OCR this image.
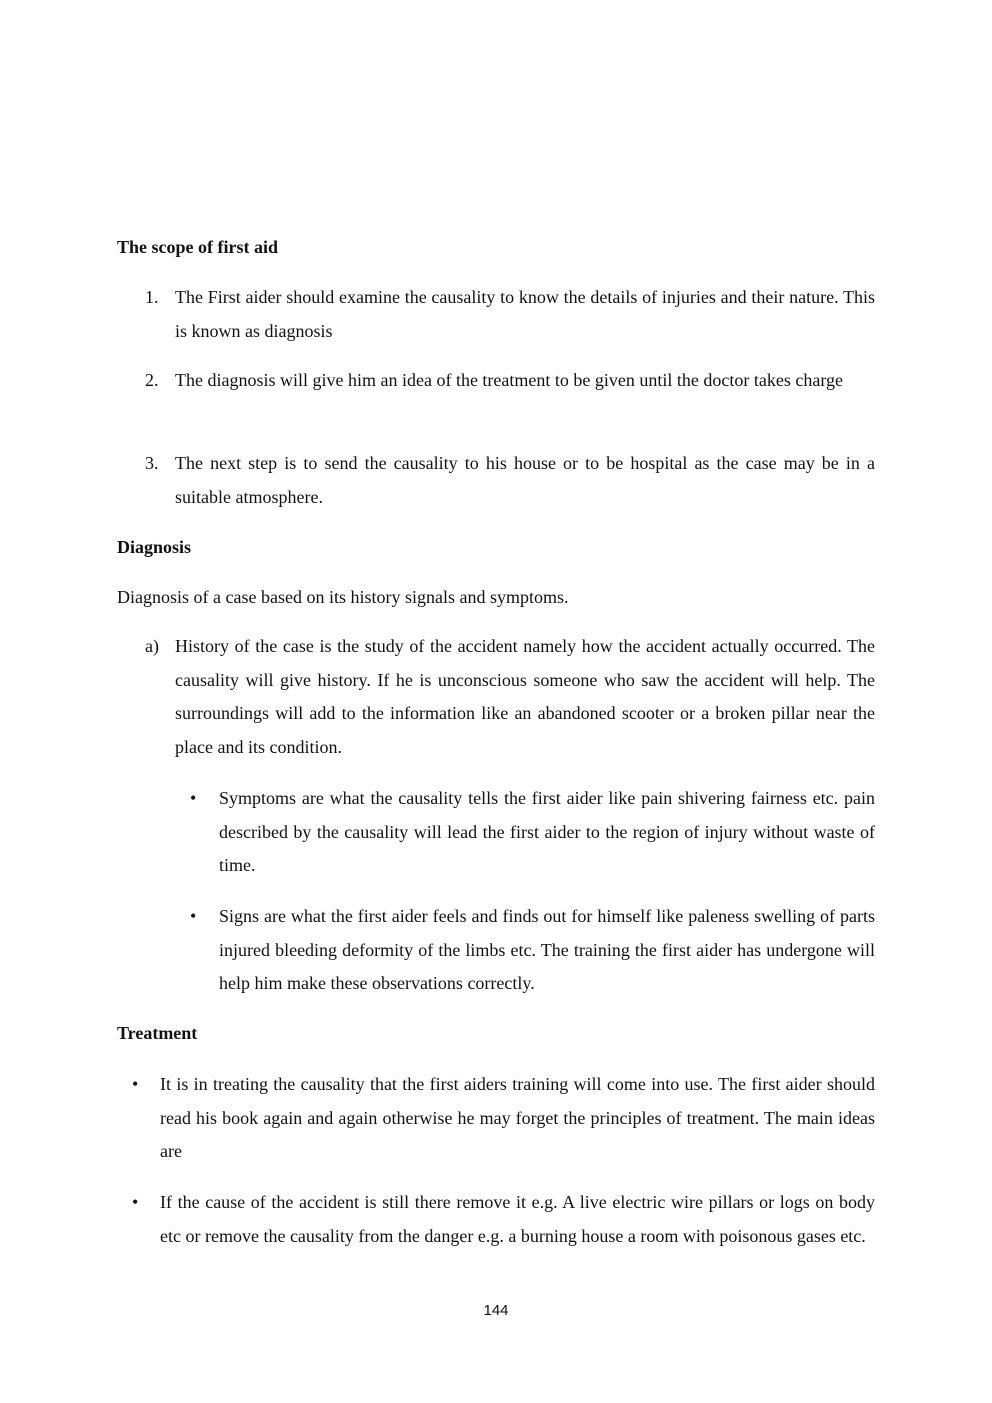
The scope of first aid
1. The First aider should examine the causality to know the details of injuries and their nature. This is known as diagnosis
2. The diagnosis will give him an idea of the treatment to be given until the doctor takes charge
3. The next step is to send the causality to his house or to be hospital as the case may be in a suitable atmosphere.
Diagnosis
Diagnosis of a case based on its history signals and symptoms.
a) History of the case is the study of the accident namely how the accident actually occurred. The causality will give history. If he is unconscious someone who saw the accident will help. The surroundings will add to the information like an abandoned scooter or a broken pillar near the place and its condition.
• Symptoms are what the causality tells the first aider like pain shivering fairness etc. pain described by the causality will lead the first aider to the region of injury without waste of time.
• Signs are what the first aider feels and finds out for himself like paleness swelling of parts injured bleeding deformity of the limbs etc. The training the first aider has undergone will help him make these observations correctly.
Treatment
• It is in treating the causality that the first aiders training will come into use. The first aider should read his book again and again otherwise he may forget the principles of treatment. The main ideas are
• If the cause of the accident is still there remove it e.g. A live electric wire pillars or logs on body etc or remove the causality from the danger e.g. a burning house a room with poisonous gases etc.
144
